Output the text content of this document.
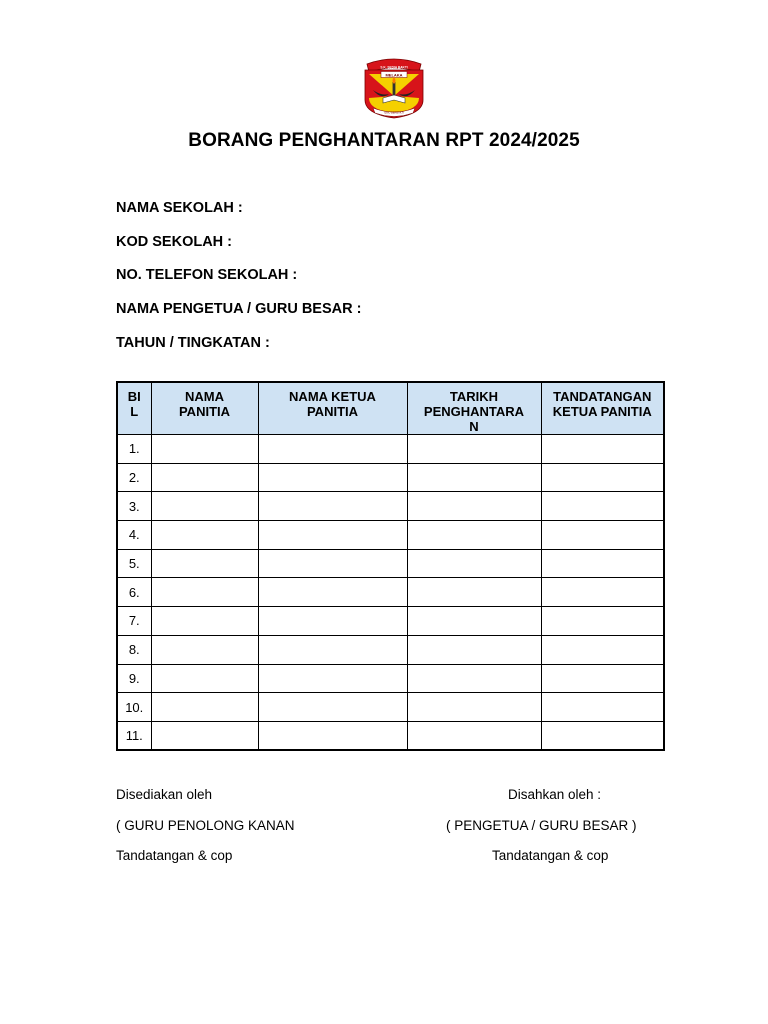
S.K. SEDIA BAKTI
MELAKA
ILMU BERBAKTI
BORANG PENGHANTARAN RPT 2024/2025
NAMA SEKOLAH :
KOD SEKOLAH :
NO. TELEFON SEKOLAH :
NAMA PENGETUA / GURU BESAR :
TAHUN / TINGKATAN :
BI
L	NAMA
PANITIA	NAMA KETUA
PANITIA	TARIKH
PENGHANTARA
N	TANDATANGAN
KETUA PANITIA
1.				
2.				
3.				
4.				
5.				
6.				
7.				
8.				
9.				
10.				
11.				
Disediakan oleh
( GURU PENOLONG KANAN
Tandatangan & cop
Disahkan oleh :
( PENGETUA / GURU BESAR )
Tandatangan & cop
